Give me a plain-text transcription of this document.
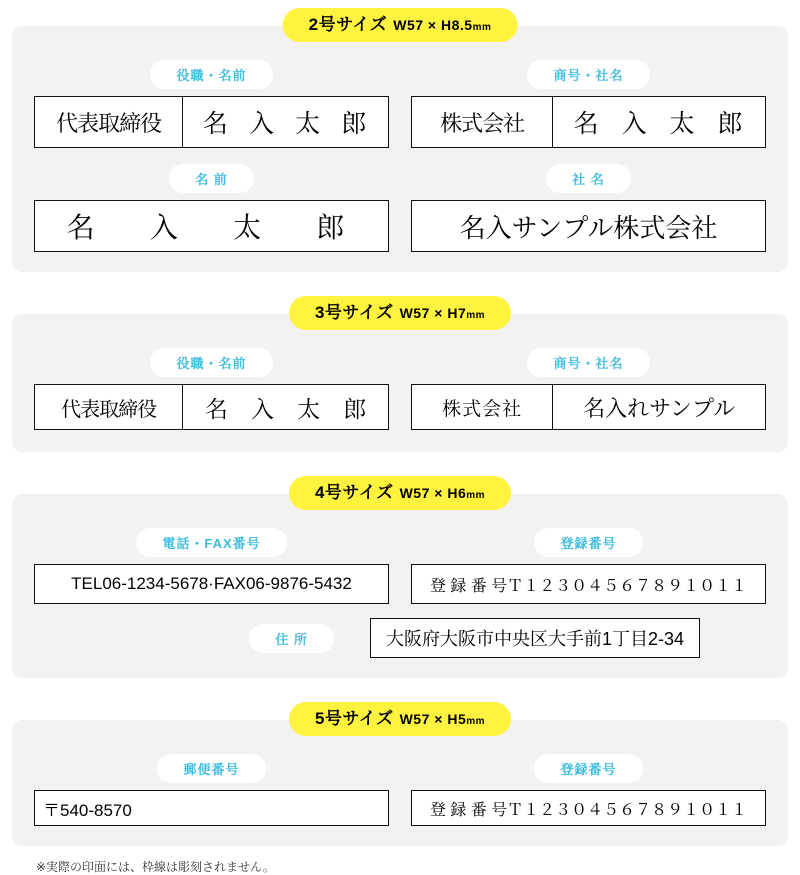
2号サイズ W57 × H8.5mm
役職・名前
代表取締役	名 入 太 郎
商号・社名
株式会社	名 入 太 郎
名 前
名 入 太 郎
社 名
名入サンプル株式会社
3号サイズ W57 × H7mm
役職・名前
代表取締役	名 入 太 郎
商号・社名
株式会社	名入れサンプル
4号サイズ W57 × H6mm
電話・FAX番号
TEL06-1234-5678·FAX06-9876-5432
登録番号
登 録 番 号 Ｔ１２３０４５６７８９１０１１
住 所	大阪府大阪市中央区大手前1丁目2-34
5号サイズ W57 × H5mm
郵便番号
〒540-8570
登録番号
登 録 番 号 Ｔ１２３０４５６７８９１０１１
※実際の印面には、枠線は彫刻されません。
